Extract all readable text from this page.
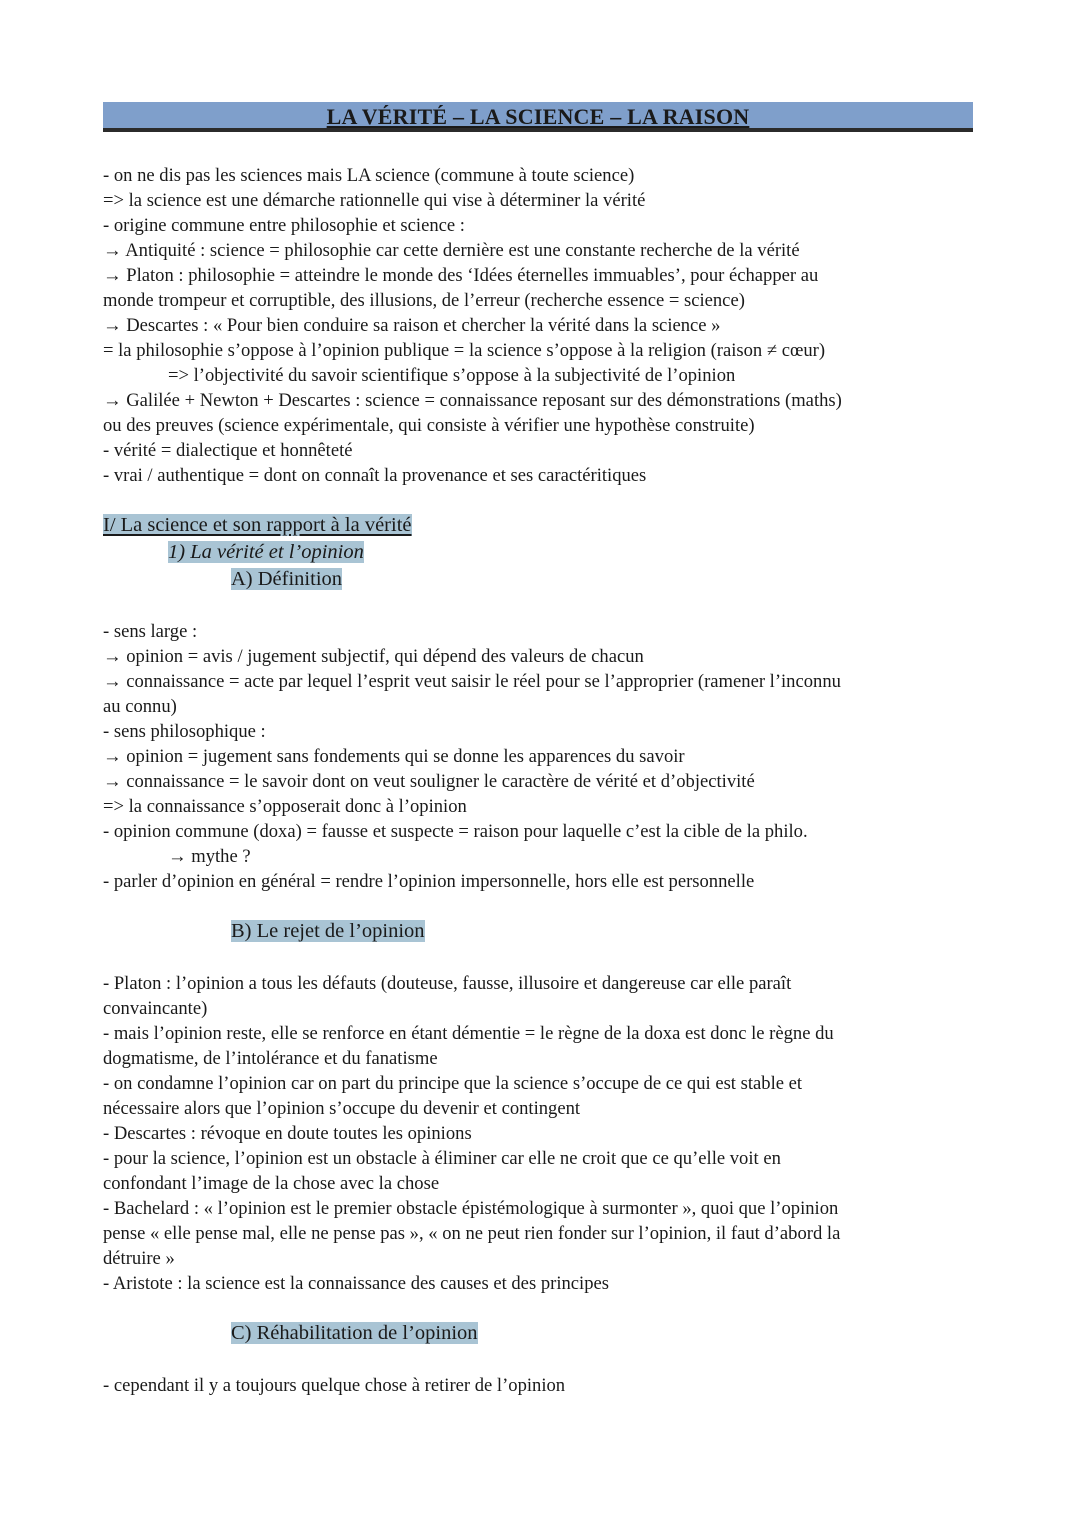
LA VÉRITÉ – LA SCIENCE – LA RAISON
- on ne dis pas les sciences mais LA science (commune à toute science)
=> la science est une démarche rationnelle qui vise à déterminer la vérité
- origine commune entre philosophie et science :
→ Antiquité : science = philosophie car cette dernière est une constante recherche de la vérité
→ Platon : philosophie = atteindre le monde des ‘Idées éternelles immuables’, pour échapper au
monde trompeur et corruptible, des illusions, de l’erreur (recherche essence = science)
→ Descartes : « Pour bien conduire sa raison et chercher la vérité dans la science »
= la philosophie s’oppose à l’opinion publique = la science s’oppose à la religion (raison ≠ cœur)
=> l’objectivité du savoir scientifique s’oppose à la subjectivité de l’opinion
→ Galilée + Newton + Descartes : science = connaissance reposant sur des démonstrations (maths)
ou des preuves (science expérimentale, qui consiste à vérifier une hypothèse construite)
- vérité = dialectique et honnêteté
- vrai / authentique = dont on connaît la provenance et ses caractéritiques
I/ La science et son rapport à la vérité
1) La vérité et l’opinion
A) Définition
- sens large :
→ opinion = avis / jugement subjectif, qui dépend des valeurs de chacun
→ connaissance = acte par lequel l’esprit veut saisir le réel pour se l’approprier (ramener l’inconnu
au connu)
- sens philosophique :
→ opinion = jugement sans fondements qui se donne les apparences du savoir
→ connaissance = le savoir dont on veut souligner le caractère de vérité et d’objectivité
=> la connaissance s’opposerait donc à l’opinion
- opinion commune (doxa) = fausse et suspecte = raison pour laquelle c’est la cible de la philo.
→ mythe ?
- parler d’opinion en général = rendre l’opinion impersonnelle, hors elle est personnelle
B) Le rejet de l’opinion
- Platon : l’opinion a tous les défauts (douteuse, fausse, illusoire et dangereuse car elle paraît
convaincante)
- mais l’opinion reste, elle se renforce en étant démentie = le règne de la doxa est donc le règne du
dogmatisme, de l’intolérance et du fanatisme
- on condamne l’opinion car on part du principe que la science s’occupe de ce qui est stable et
nécessaire alors que l’opinion s’occupe du devenir et contingent
- Descartes : révoque en doute toutes les opinions
- pour la science, l’opinion est un obstacle à éliminer car elle ne croit que ce qu’elle voit en
confondant l’image de la chose avec la chose
- Bachelard : « l’opinion est le premier obstacle épistémologique à surmonter », quoi que l’opinion
pense « elle pense mal, elle ne pense pas », « on ne peut rien fonder sur l’opinion, il faut d’abord la
détruire »
- Aristote : la science est la connaissance des causes et des principes
C) Réhabilitation de l’opinion
- cependant il y a toujours quelque chose à retirer de l’opinion
